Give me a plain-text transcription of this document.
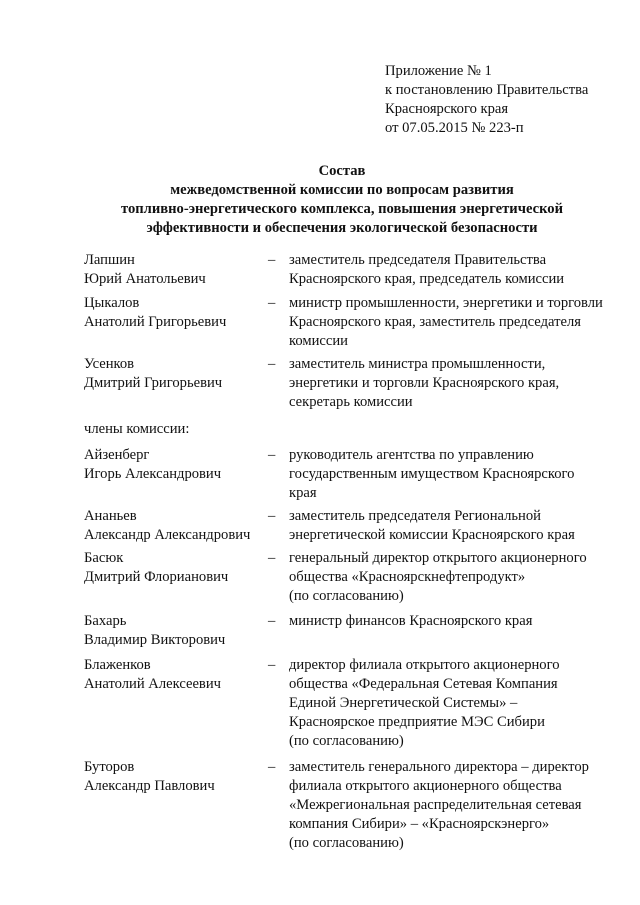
Приложение № 1
к постановлению Правительства
Красноярского края
от 07.05.2015 № 223-п
Состав
межведомственной комиссии по вопросам развития
топливно-энергетического комплекса, повышения энергетической
эффективности и обеспечения экологической безопасности
Лапшин
Юрий Анатольевич
– заместитель председателя Правительства
Красноярского края, председатель комиссии
Цыкалов
Анатолий Григорьевич
– министр промышленности, энергетики и торговли
Красноярского края, заместитель председателя
комиссии
Усенков
Дмитрий Григорьевич
– заместитель министра промышленности,
энергетики и торговли Красноярского края,
секретарь комиссии
члены комиссии:
Айзенберг
Игорь Александрович
– руководитель агентства по управлению
государственным имуществом Красноярского
края
Ананьев
Александр Александрович
– заместитель председателя Региональной
энергетической комиссии Красноярского края
Басюк
Дмитрий Флорианович
– генеральный директор открытого акционерного
общества «Красноярскнефтепродукт»
(по согласованию)
Бахарь
Владимир Викторович
– министр финансов Красноярского края
Блаженков
Анатолий Алексеевич
– директор филиала открытого акционерного
общества «Федеральная Сетевая Компания
Единой Энергетической Системы» –
Красноярское предприятие МЭС Сибири
(по согласованию)
Буторов
Александр Павлович
– заместитель генерального директора – директор
филиала открытого акционерного общества
«Межрегиональная распределительная сетевая
компания Сибири» – «Красноярскэнерго»
(по согласованию)
